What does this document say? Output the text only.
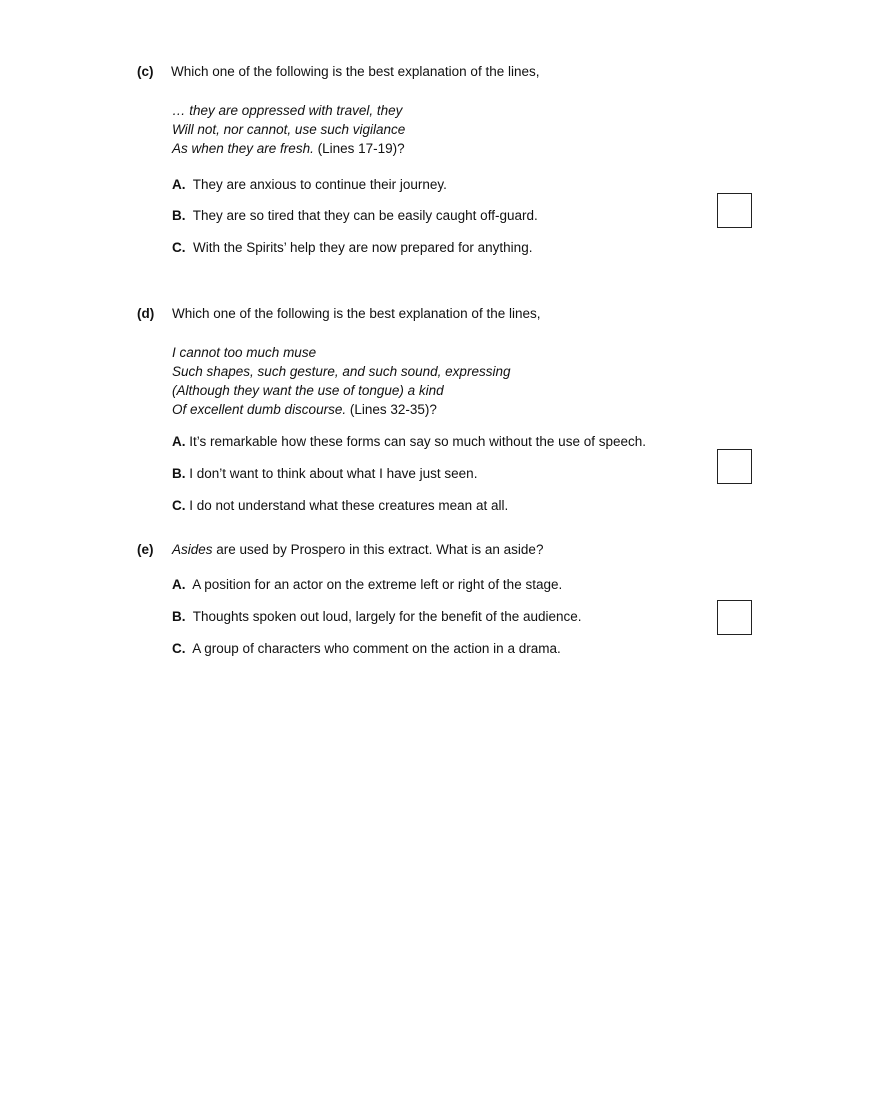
(c) Which one of the following is the best explanation of the lines,
… they are oppressed with travel, they
Will not, nor cannot, use such vigilance
As when they are fresh. (Lines 17-19)?
A. They are anxious to continue their journey.
B. They are so tired that they can be easily caught off-guard.
C. With the Spirits’ help they are now prepared for anything.
(d) Which one of the following is the best explanation of the lines,
I cannot too much muse
Such shapes, such gesture, and such sound, expressing
(Although they want the use of tongue) a kind
Of excellent dumb discourse. (Lines 32-35)?
A. It’s remarkable how these forms can say so much without the use of speech.
B. I don’t want to think about what I have just seen.
C. I do not understand what these creatures mean at all.
(e) Asides are used by Prospero in this extract. What is an aside?
A. A position for an actor on the extreme left or right of the stage.
B. Thoughts spoken out loud, largely for the benefit of the audience.
C. A group of characters who comment on the action in a drama.
